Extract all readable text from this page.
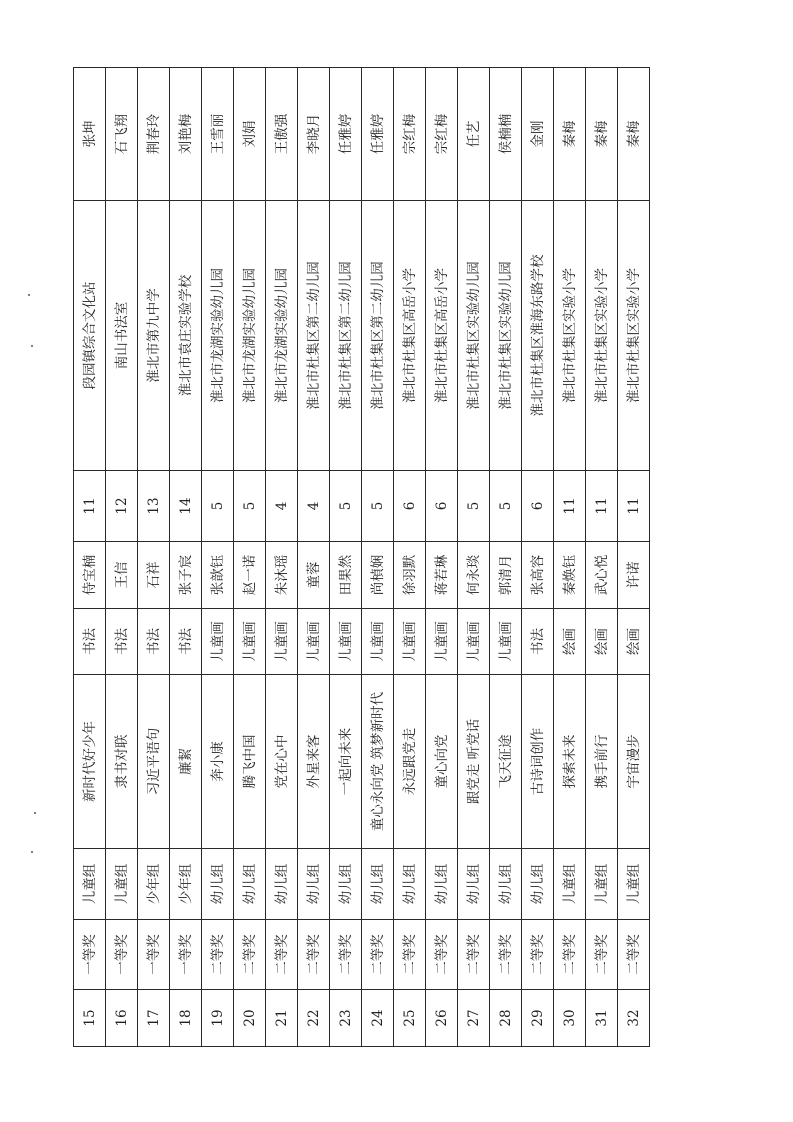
15	一等奖	儿童组	新时代好少年	书法	侍宝楠	11	段园镇综合文化站	张坤
16	一等奖	儿童组	隶书对联	书法	王信	12	南山书法室	石飞翔
17	一等奖	少年组	习近平语句	书法	石祥	13	淮北市第九中学	荆春玲
18	一等奖	少年组	廉絜	书法	张子宸	14	淮北市袁庄实验学校	刘艳梅
19	二等奖	幼儿组	奔小康	儿童画	张歆钰	5	淮北市龙湖实验幼儿园	王雪丽
20	二等奖	幼儿组	腾飞中国	儿童画	赵一诺	5	淮北市龙湖实验幼儿园	刘娟
21	二等奖	幼儿组	党在心中	儿童画	朱沐瑶	4	淮北市龙湖实验幼儿园	王傲强
22	二等奖	幼儿组	外星来客	儿童画	童蓉	4	淮北市杜集区第二幼儿园	李晓月
23	二等奖	幼儿组	一起向未来	儿童画	田果然	5	淮北市杜集区第二幼儿园	任雅婷
24	二等奖	幼儿组	童心永向党 筑梦新时代	儿童画	尚楨娴	5	淮北市杜集区第二幼儿园	任雅婷
25	二等奖	幼儿组	永远跟党走	儿童画	徐羽默	6	淮北市杜集区高岳小学	宗红梅
26	二等奖	幼儿组	童心向党	儿童画	蒋若琳	6	淮北市杜集区高岳小学	宗红梅
27	二等奖	幼儿组	跟党走 听党话	儿童画	何永琰	5	淮北市杜集区实验幼儿园	任艺
28	二等奖	幼儿组	飞天征途	儿童画	郭清月	5	淮北市杜集区实验幼儿园	侯楠楠
29	二等奖	幼儿组	古诗词创作	书法	张高容	6	淮北市杜集区淮海东路学校	金刚
30	二等奖	儿童组	探索未来	绘画	秦焕钰	11	淮北市杜集区实验小学	秦梅
31	二等奖	儿童组	携手前行	绘画	武心悦	11	淮北市杜集区实验小学	秦梅
32	二等奖	儿童组	宇宙漫步	绘画	许诺	11	淮北市杜集区实验小学	秦梅
